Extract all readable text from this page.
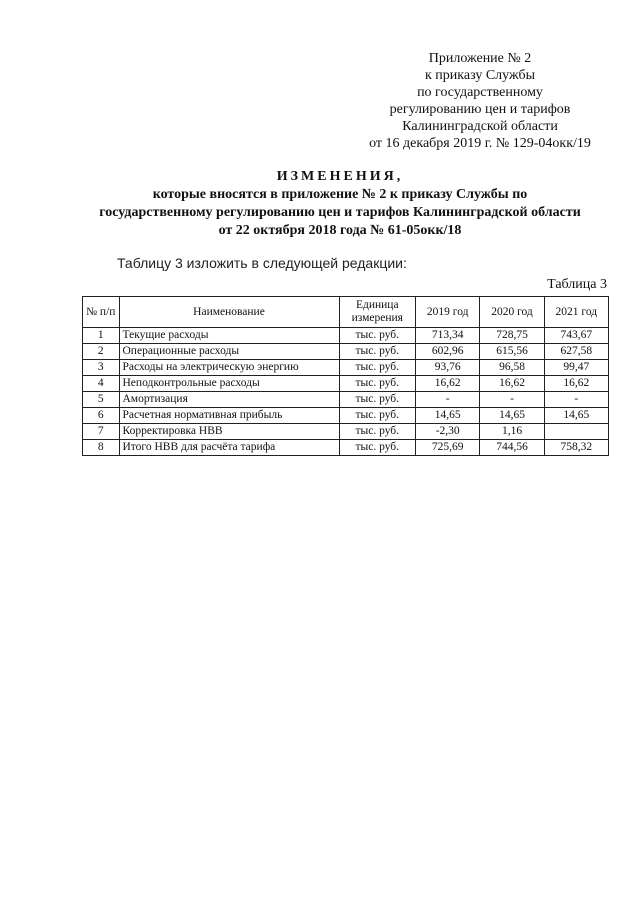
Приложение № 2
к приказу Службы
по государственному
регулированию цен и тарифов
Калининградской области
от 16 декабря 2019 г. № 129-04окк/19
ИЗМЕНЕНИЯ,
которые вносятся в приложение № 2 к приказу Службы по
государственному регулированию цен и тарифов Калининградской области
от 22 октября 2018 года № 61-05окк/18
Таблицу 3 изложить в следующей редакции:
Таблица 3
№ п/п	Наименование	Единица измерения	2019 год	2020 год	2021 год
1	Текущие расходы	тыс. руб.	713,34	728,75	743,67
2	Операционные расходы	тыс. руб.	602,96	615,56	627,58
3	Расходы на электрическую энергию	тыс. руб.	93,76	96,58	99,47
4	Неподконтрольные расходы	тыс. руб.	16,62	16,62	16,62
5	Амортизация	тыс. руб.	-	-	-
6	Расчетная нормативная прибыль	тыс. руб.	14,65	14,65	14,65
7	Корректировка НВВ	тыс. руб.	-2,30	1,16	
8	Итого НВВ для расчёта тарифа	тыс. руб.	725,69	744,56	758,32
